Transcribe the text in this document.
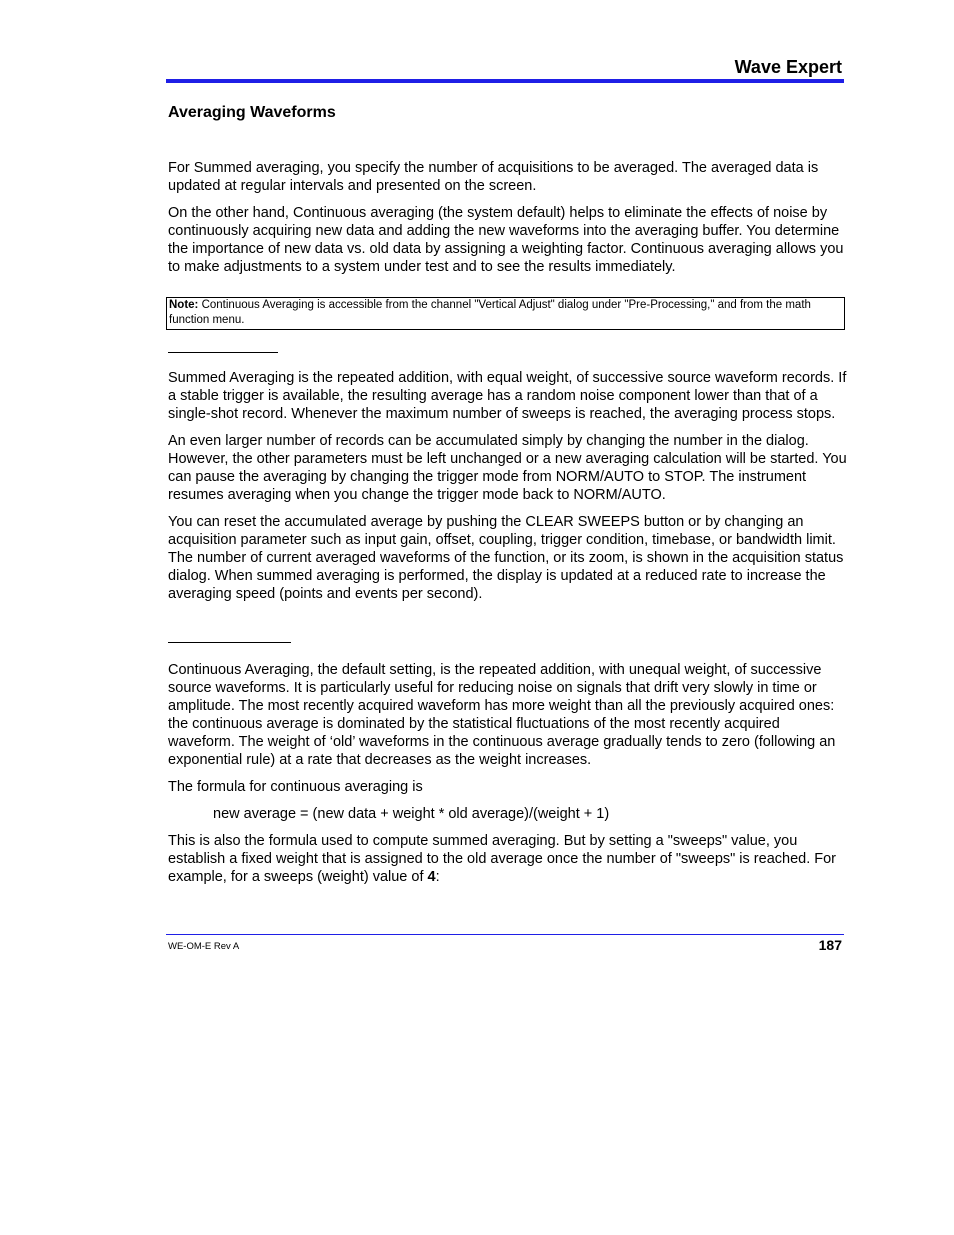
Wave Expert
Averaging Waveforms

For Summed averaging, you specify the number of acquisitions to be averaged. The averaged data is updated at regular intervals and presented on the screen.

On the other hand, Continuous averaging (the system default) helps to eliminate the effects of noise by continuously acquiring new data and adding the new waveforms into the averaging buffer. You determine the importance of new data vs. old data by assigning a weighting factor. Continuous averaging allows you to make adjustments to a system under test and to see the results immediately.

Note: Continuous Averaging is accessible from the channel "Vertical Adjust" dialog under "Pre-Processing," and from the math function menu.

Summed Averaging is the repeated addition, with equal weight, of successive source waveform records. If a stable trigger is available, the resulting average has a random noise component lower than that of a single-shot record. Whenever the maximum number of sweeps is reached, the averaging process stops.

An even larger number of records can be accumulated simply by changing the number in the dialog. However, the other parameters must be left unchanged or a new averaging calculation will be started. You can pause the averaging by changing the trigger mode from NORM/AUTO to STOP. The instrument resumes averaging when you change the trigger mode back to NORM/AUTO.

You can reset the accumulated average by pushing the CLEAR SWEEPS button or by changing an acquisition parameter such as input gain, offset, coupling, trigger condition, timebase, or bandwidth limit. The number of current averaged waveforms of the function, or its zoom, is shown in the acquisition status dialog. When summed averaging is performed, the display is updated at a reduced rate to increase the averaging speed (points and events per second).

Continuous Averaging, the default setting, is the repeated addition, with unequal weight, of successive source waveforms. It is particularly useful for reducing noise on signals that drift very slowly in time or amplitude. The most recently acquired waveform has more weight than all the previously acquired ones: the continuous average is dominated by the statistical fluctuations of the most recently acquired waveform. The weight of ‘old’ waveforms in the continuous average gradually tends to zero (following an exponential rule) at a rate that decreases as the weight increases.

The formula for continuous averaging is

new average = (new data + weight * old average)/(weight + 1)

This is also the formula used to compute summed averaging. But by setting a "sweeps" value, you establish a fixed weight that is assigned to the old average once the number of "sweeps" is reached. For example, for a sweeps (weight) value of 4:

WE-OM-E Rev A	187
